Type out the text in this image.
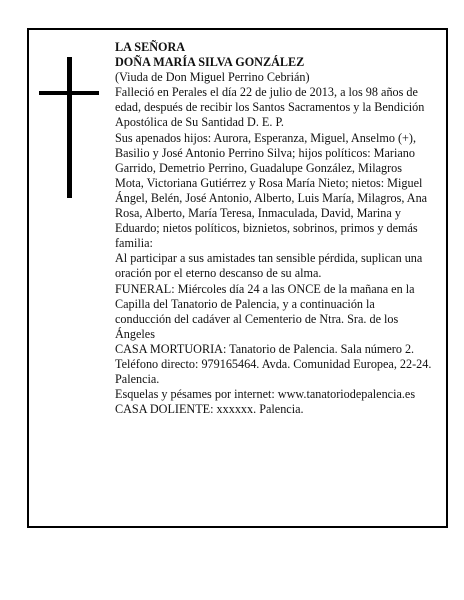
LA SEÑORA

DOÑA MARÍA SILVA GONZÁLEZ

(Viuda de Don Miguel Perrino Cebrián)

Falleció en Perales el día 22 de julio de 2013, a los 98 años de edad, después de recibir los Santos Sacramentos y la Bendición Apostólica de Su Santidad D. E. P.

Sus apenados hijos: Aurora, Esperanza, Miguel, Anselmo (+), Basilio y José Antonio Perrino Silva; hijos políticos: Mariano Garrido, Demetrio Perrino, Guadalupe González, Milagros Mota, Victoriana Gutiérrez y Rosa María Nieto; nietos: Miguel Ángel, Belén, José Antonio, Alberto, Luis María, Milagros, Ana Rosa, Alberto, María Teresa, Inmaculada, David, Marina y Eduardo; nietos políticos, biznietos, sobrinos, primos y demás familia:

Al participar a sus amistades tan sensible pérdida, suplican una oración por el eterno descanso de su alma.

FUNERAL: Miércoles día 24 a las ONCE de la mañana en la Capilla del Tanatorio de Palencia, y a continuación la conducción del cadáver al Cementerio de Ntra. Sra. de los Ángeles

CASA MORTUORIA: Tanatorio de Palencia. Sala número 2. Teléfono directo: 979165464. Avda. Comunidad Europea, 22-24. Palencia.

Esquelas y pésames por internet: www.tanatoriodepalencia.es

CASA DOLIENTE: xxxxxx. Palencia.
